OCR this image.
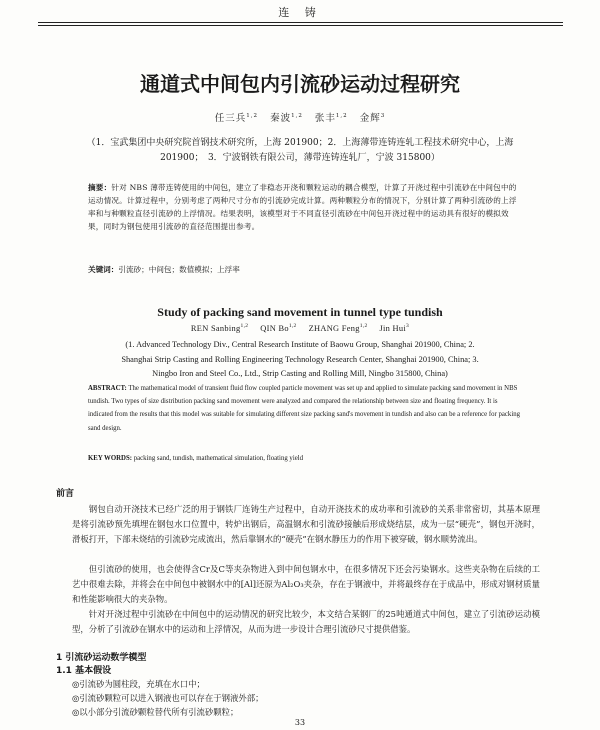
连 铸
通道式中间包内引流砂运动过程研究
任三兵$^{1,2}$ 秦波$^{1,2}$ 张丰$^{1,2}$ 金辉$^3$
（1．宝武集团中央研究院首钢技术研究所，上海 201900；2．上海薄带连铸连轧工程技术研究中心，上海
201900；　3．宁波钢铁有限公司，薄带连铸连轧厂，宁波 315800）
摘要：针对 NBS 薄带连铸使用的中间包，建立了非稳态开浇和颗粒运动的耦合模型，计算了开浇过程中引流砂在中间包中的运动情况。计算过程中，分别考虑了两种尺寸分布的引流砂完成计算。两种颗粒分布的情况下，分别计算了两种引流砂的上浮率和与种颗粒直径引流砂的上浮情况。结果表明，该模型对于不同直径引流砂在中间包开浇过程中的运动具有很好的模拟效果，同时为钢包使用引流砂的直径范围提出参考。
关键词：引流砂；中间包；数值模拟；上浮率
Study of packing sand movement in tunnel type tundish
REN Sanbing$^{1,2}$ QIN Bo$^{1,2}$ ZHANG Feng$^{1,2}$ Jin Hui$^3$
(1. Advanced Technology Div., Central Research Institute of Baowu Group, Shanghai 201900, China; 2.
Shanghai Strip Casting and Rolling Engineering Technology Research Center, Shanghai 201900, China; 3.
Ningbo Iron and Steel Co., Ltd., Strip Casting and Rolling Mill, Ningbo 315800, China)
ABSTRACT: The mathematical model of transient fluid flow coupled particle movement was set up and applied to simulate packing sand movement in NBS tundish. Two types of size distribution packing sand movement were analyzed and compared the relationship between size and floating frequency. It is indicated from the results that this model was suitable for simulating different size packing sand's movement in tundish and also can be a reference for packing sand design.
KEY WORDS: packing sand, tundish, mathematical simulation, floating yield
前言
钢包自动开浇技术已经广泛的用于钢铁厂连铸生产过程中，自动开浇技术的成功率和引流砂的关系非常密切，其基本原理是将引流砂预先填埋在钢包水口位置中，转炉出钢后，高温钢水和引流砂接触后形成烧结层，成为一层“硬壳”，钢包开浇时，滑板打开，下部未烧结的引流砂完成流出，然后靠钢水的“硬壳”在钢水静压力的作用下被穿破，钢水顺势流出。
但引流砂的使用，也会使得含Cr及C等夹杂物进入到中间包钢水中，在很多情况下还会污染钢水。这些夹杂物在后续的工艺中很难去除，并将会在中间包中被钢水中的[Al]还原为Al₂O₃夹杂，存在于钢液中，并将最终存在于成品中，形成对钢材质量和性能影响很大的夹杂物。
针对开浇过程中引流砂在中间包中的运动情况的研究比较少，本文结合某钢厂的25吨通道式中间包，建立了引流砂运动模型，分析了引流砂在钢水中的运动和上浮情况，从而为进一步设计合理引流砂尺寸提供借鉴。
1 引流砂运动数学模型
1.1 基本假设
◎引流砂为圆柱段，充填在水口中；
◎引流砂颗粒可以进入钢液也可以存在于钢液外部；
◎以小部分引流砂颗粒替代所有引流砂颗粒；
33
